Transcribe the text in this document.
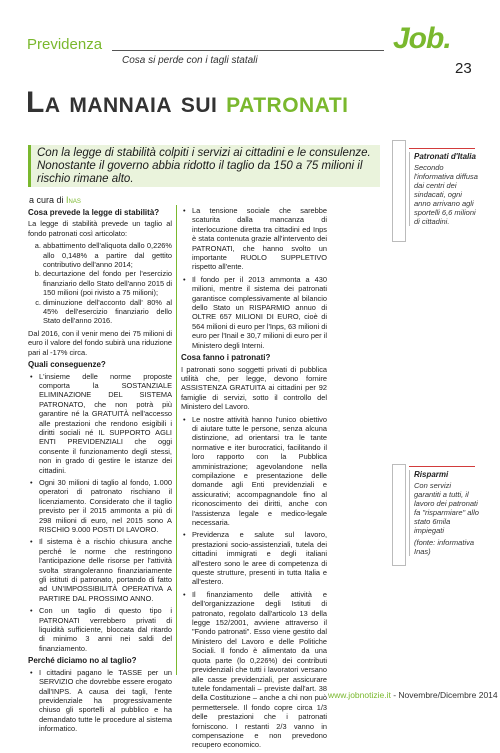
Previdenza
Cosa si perde con i tagli statali
Job.
23
La mannaia sui patronati
Con la legge di stabilità colpiti i servizi ai cittadini e le consulenze. Nonostante il governo abbia ridotto il taglio da 150 a 75 milioni il rischio rimane alto.
a cura di Inas
Cosa prevede la legge di stabilità?

La legge di stabilità prevede un taglio al fondo patronati così articolato:

a. abbattimento dell'aliquota dallo 0,226% allo 0,148% a partire dal gettito contributivo dell'anno 2014;
b. decurtazione del fondo per l'esercizio finanziario dello Stato dell'anno 2015 di 150 milioni (poi rivisto a 75 milioni);
c. diminuzione dell'acconto dall' 80% al 45% dell'esercizio finanziario dello Stato dell'anno 2016.

Dal 2016, con il venir meno dei 75 milioni di euro il valore del fondo subirà una riduzione pari al -17% circa.

Quali conseguenze?
• L'insieme delle norme proposte comporta la SOSTANZIALE ELIMINAZIONE DEL SISTEMA PATRONATO, che non potrà più garantire né la GRATUITÀ nell'accesso alle prestazioni che rendono esigibili i diritti sociali né IL SUPPORTO AGLI ENTI PREVIDENZIALI che oggi consente il funzionamento degli stessi, non in grado di gestire le istanze dei cittadini.
• Ogni 30 milioni di taglio al fondo, 1.000 operatori di patronato rischiano il licenziamento. Considerato che il taglio previsto per il 2015 ammonta a più di 298 milioni di euro, nel 2015 sono A RISCHIO 9.000 POSTI DI LAVORO.
• Il sistema è a rischio chiusura anche perché le norme che restringono l'anticipazione delle risorse per l'attività svolta strangoleranno finanziariamente gli istituti di patronato, portando di fatto ad UN'IMPOSSIBILITÀ OPERATIVA A PARTIRE DAL PROSSIMO ANNO.
• Con un taglio di questo tipo i PATRONATI verrebbero privati di liquidità sufficiente, bloccata dal ritardo di minimo 3 anni nei saldi del finanziamento.
Perché diciamo no al taglio?
• I cittadini pagano le TASSE per un SERVIZIO che dovrebbe essere erogato dall'INPS. A causa dei tagli, l'ente previdenziale ha progressivamente chiuso gli sportelli al pubblico e ha demandato tutte le procedure al sistema informatico.
• La tensione sociale che sarebbe scaturita dalla mancanza di interlocuzione diretta tra cittadini ed Inps è stata contenuta grazie all'intervento dei PATRONATI, che hanno svolto un importante RUOLO SUPPLETIVO rispetto all'ente.
• Il fondo per il 2013 ammonta a 430 milioni, mentre il sistema dei patronati garantisce complessivamente al bilancio dello Stato un RISPARMIO annuo di OLTRE 657 MILIONI DI EURO, cioè di 564 milioni di euro per l'Inps, 63 milioni di euro per l'Inail e 30,7 milioni di euro per il Ministero degli Interni.
Cosa fanno i patronati?

I patronati sono soggetti privati di pubblica utilità che, per legge, devono fornire ASSISTENZA GRATUITA ai cittadini per 92 famiglie di servizi, sotto il controllo del Ministero del Lavoro.

• Le nostre attività hanno l'unico obiettivo di aiutare tutte le persone, senza alcuna distinzione, ad orientarsi tra le tante normative e iter burocratici, facilitando il loro rapporto con la Pubblica amministrazione; agevolandone nella compilazione e presentazione delle domande agli Enti previdenziali e assicurativi; accompagnandole fino al riconoscimento dei diritti, anche con l'assistenza legale e medico-legale necessaria.
• Previdenza e salute sul lavoro, prestazioni socio-assistenziali, tutela dei cittadini immigrati e degli italiani all'estero sono le aree di competenza di queste strutture, presenti in tutta Italia e all'estero.
• Il finanziamento delle attività e dell'organizzazione degli Istituti di patronato, regolato dall'articolo 13 della legge 152/2001, avviene attraverso il "Fondo patronati". Esso viene gestito dal Ministero del Lavoro e delle Politiche Sociali. Il fondo è alimentato da una quota parte (lo 0,226%) dei contributi previdenziali che tutti i lavoratori versano alle casse previdenziali, per assicurare tutele fondamentali – previste dall'art. 38 della Costituzione – anche a chi non può permettersele. Il fondo copre circa 1/3 delle prestazioni che i patronati forniscono. I restanti 2/3 vanno in compensazione e non prevedono recupero economico.
Patronati d'Italia
Secondo l'informativa diffusa dai centri dei sindacati, ogni anno arrivano agli sportelli 6,6 milioni di cittadini.
Risparmi
Con servizi garantiti a tutti, il lavoro dei patronati fa "risparmiare" allo stato 6mila impiegati
(fonte: informativa Inas)
www.jobnotizie.it - Novembre/Dicembre 2014
